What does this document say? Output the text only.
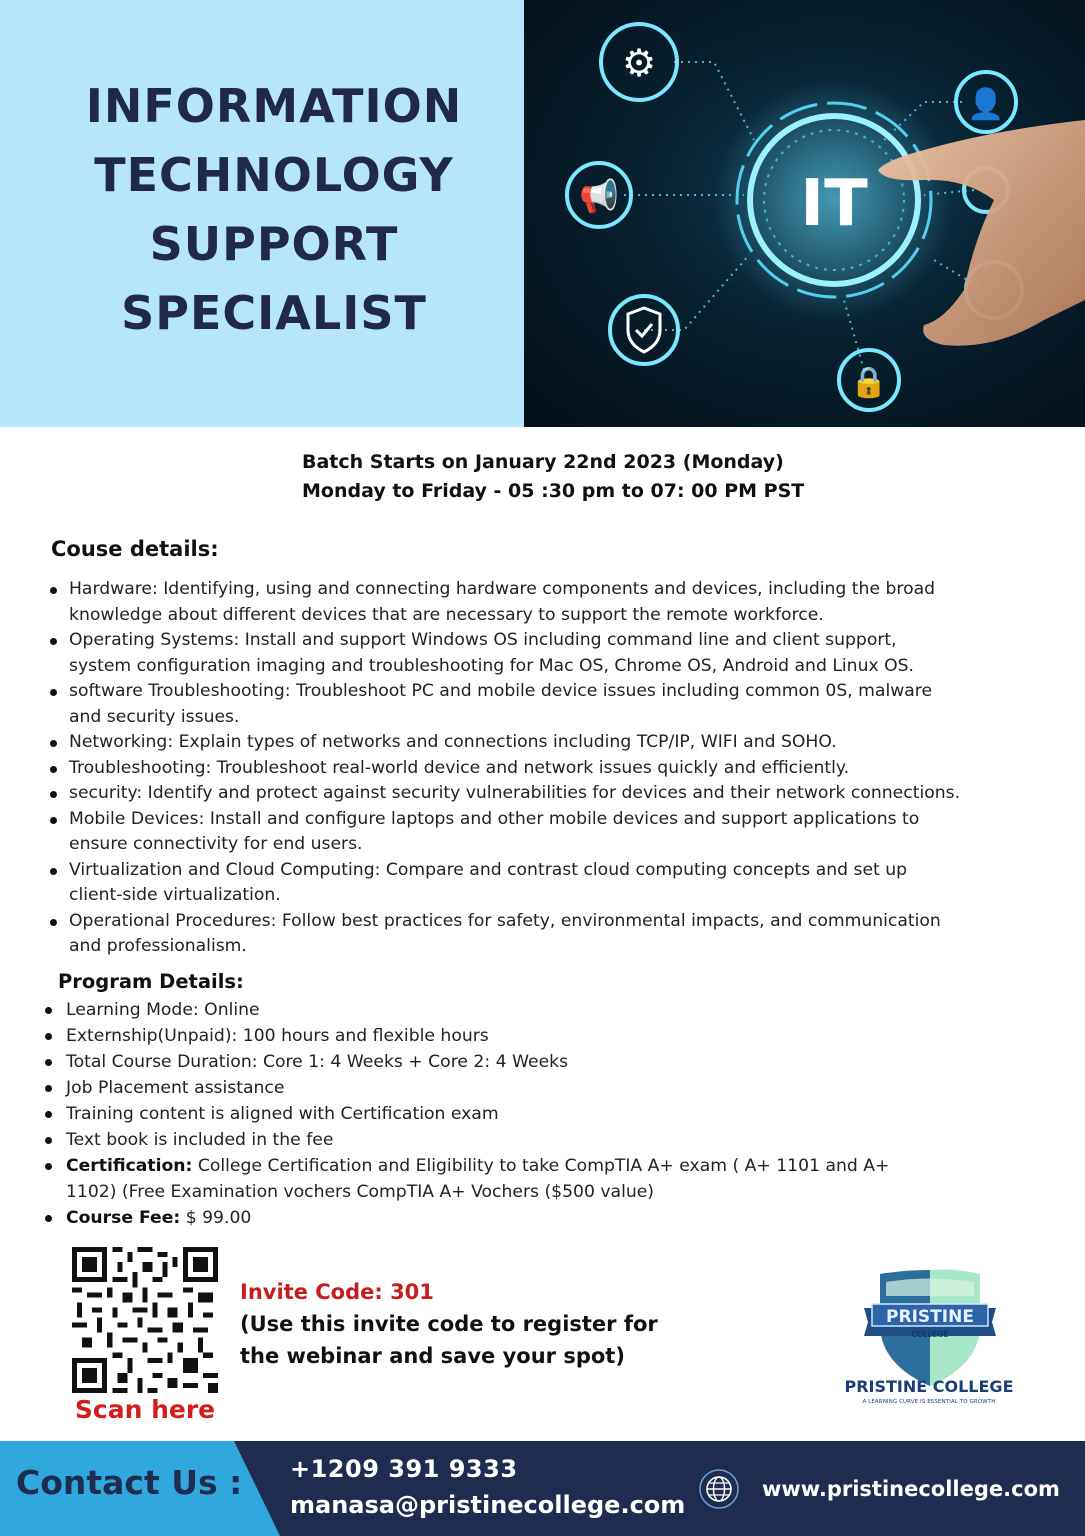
INFORMATION
TECHNOLOGY
SUPPORT
SPECIALIST
IT
⚙
👤
📢
🔒
Batch Starts on January 22nd 2023 (Monday)
Monday to Friday - 05 :30 pm to 07: 00 PM PST
Couse details:
Hardware: Identifying, using and connecting hardware components and devices, including the broad
knowledge about different devices that are necessary to support the remote workforce.
Operating Systems: Install and support Windows OS including command line and client support,
system configuration imaging and troubleshooting for Mac OS, Chrome OS, Android and Linux OS.
software Troubleshooting: Troubleshoot PC and mobile device issues including common 0S, malware
and security issues.
Networking: Explain types of networks and connections including TCP/IP, WIFI and SOHO.
Troubleshooting: Troubleshoot real-world device and network issues quickly and efficiently.
security: Identify and protect against security vulnerabilities for devices and their network connections.
Mobile Devices: Install and configure laptops and other mobile devices and support applications to
ensure connectivity for end users.
Virtualization and Cloud Computing: Compare and contrast cloud computing concepts and set up
client-side virtualization.
Operational Procedures: Follow best practices for safety, environmental impacts, and communication
and professionalism.
Program Details:
Learning Mode: Online
Externship(Unpaid): 100 hours and flexible hours
Total Course Duration: Core 1: 4 Weeks + Core 2: 4 Weeks
Job Placement assistance
Training content is aligned with Certification exam
Text book is included in the fee
Certification: College Certification and Eligibility to take CompTIA A+ exam ( A+ 1101 and A+
1102) (Free Examination vochers CompTIA A+ Vochers ($500 value)
Course Fee: $ 99.00
Scan here
Invite Code: 301
(Use this invite code to register for
the webinar and save your spot)
PRISTINE
COLLEGE
PRISTINE COLLEGE
A LEARNING CURVE IS ESSENTIAL TO GROWTH
Contact Us : +1209 391 9333
manasa@pristinecollege.com
www.pristinecollege.com
